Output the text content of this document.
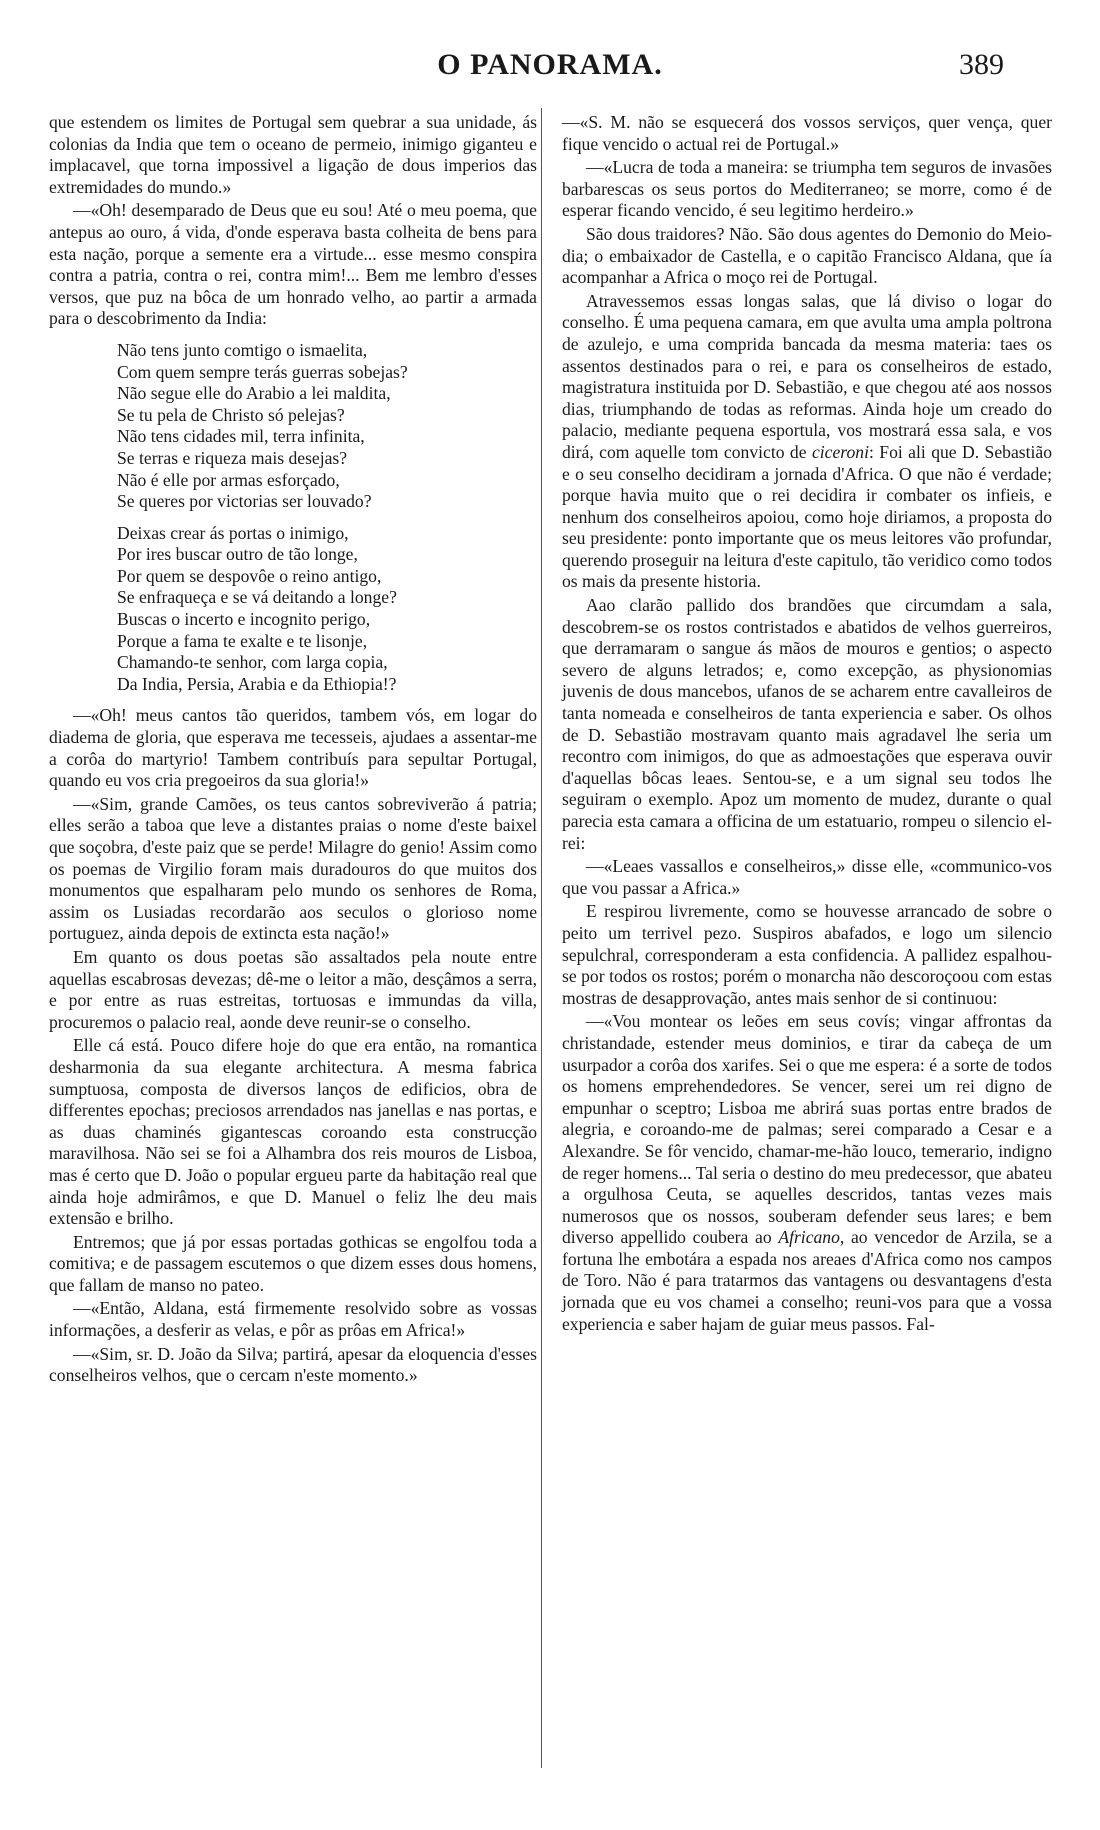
O PANORAMA.	389

que estendem os limites de Portugal sem quebrar a sua unidade, ás colonias da India que tem o oceano de permeio, inimigo giganteu e implacavel, que torna impossivel a ligação de dous imperios das extremidades do mundo.»

—«Oh! desemparado de Deus que eu sou! Até o meu poema, que antepus ao ouro, á vida, d'onde esperava basta colheita de bens para esta nação, porque a semente era a virtude... esse mesmo conspira contra a patria, contra o rei, contra mim!... Bem me lembro d'esses versos, que puz na bôca de um honrado velho, ao partir a armada para o descobrimento da India:

Não tens junto comtigo o ismaelita,
Com quem sempre terás guerras sobejas?
Não segue elle do Arabio a lei maldita,
Se tu pela de Christo só pelejas?
Não tens cidades mil, terra infinita,
Se terras e riqueza mais desejas?
Não é elle por armas esforçado,
Se queres por victorias ser louvado?
Deixas crear ás portas o inimigo,
Por ires buscar outro de tão longe,
Por quem se despovôe o reino antigo,
Se enfraqueça e se vá deitando a longe?
Buscas o incerto e incognito perigo,
Porque a fama te exalte e te lisonje,
Chamando-te senhor, com larga copia,
Da India, Persia, Arabia e da Ethiopia!?

—«Oh! meus cantos tão queridos, tambem vós, em logar do diadema de gloria, que esperava me tecesseis, ajudaes a assentar-me a corôa do martyrio! Tambem contribuís para sepultar Portugal, quando eu vos cria pregoeiros da sua gloria!»

—«Sim, grande Camões, os teus cantos sobreviverão á patria; elles serão a taboa que leve a distantes praias o nome d'este baixel que soçobra, d'este paiz que se perde! Milagre do genio! Assim como os poemas de Virgilio foram mais duradouros do que muitos dos monumentos que espalharam pelo mundo os senhores de Roma, assim os Lusiadas recordarão aos seculos o glorioso nome portuguez, ainda depois de extincta esta nação!»

Em quanto os dous poetas são assaltados pela noute entre aquellas escabrosas devezas; dê-me o leitor a mão, desçâmos a serra, e por entre as ruas estreitas, tortuosas e immundas da villa, procuremos o palacio real, aonde deve reunir-se o conselho.

Elle cá está. Pouco difere hoje do que era então, na romantica desharmonia da sua elegante architectura. A mesma fabrica sumptuosa, composta de diversos lanços de edificios, obra de differentes epochas; preciosos arrendados nas janellas e nas portas, e as duas chaminés gigantescas coroando esta construcção maravilhosa. Não sei se foi a Alhambra dos reis mouros de Lisboa, mas é certo que D. João o popular ergueu parte da habitação real que ainda hoje admirâmos, e que D. Manuel o feliz lhe deu mais extensão e brilho.

Entremos; que já por essas portadas gothicas se engolfou toda a comitiva; e de passagem escutemos o que dizem esses dous homens, que fallam de manso no pateo.

—«Então, Aldana, está firmemente resolvido sobre as vossas informações, a desferir as velas, e pôr as prôas em Africa!»

—«Sim, sr. D. João da Silva; partirá, apesar da eloquencia d'esses conselheiros velhos, que o cercam n'este momento.»

—«S. M. não se esquecerá dos vossos serviços, quer vença, quer fique vencido o actual rei de Portugal.»

—«Lucra de toda a maneira: se triumpha tem seguros de invasões barbarescas os seus portos do Mediterraneo; se morre, como é de esperar ficando vencido, é seu legitimo herdeiro.»

São dous traidores? Não. São dous agentes do Demonio do Meio-dia; o embaixador de Castella, e o capitão Francisco Aldana, que ía acompanhar a Africa o moço rei de Portugal.

Atravessemos essas longas salas, que lá diviso o logar do conselho. É uma pequena camara, em que avulta uma ampla poltrona de azulejo, e uma comprida bancada da mesma materia: taes os assentos destinados para o rei, e para os conselheiros de estado, magistratura instituida por D. Sebastião, e que chegou até aos nossos dias, triumphando de todas as reformas. Ainda hoje um creado do palacio, mediante pequena esportula, vos mostrará essa sala, e vos dirá, com aquelle tom convicto de ciceroni: Foi ali que D. Sebastião e o seu conselho decidiram a jornada d'Africa. O que não é verdade; porque havia muito que o rei decidira ir combater os infieis, e nenhum dos conselheiros apoiou, como hoje diriamos, a proposta do seu presidente: ponto importante que os meus leitores vão profundar, querendo proseguir na leitura d'este capitulo, tão veridico como todos os mais da presente historia.

Aao clarão pallido dos brandões que circumdam a sala, descobrem-se os rostos contristados e abatidos de velhos guerreiros, que derramaram o sangue ás mãos de mouros e gentios; o aspecto severo de alguns letrados; e, como excepção, as physionomias juvenis de dous mancebos, ufanos de se acharem entre cavalleiros de tanta nomeada e conselheiros de tanta experiencia e saber. Os olhos de D. Sebastião mostravam quanto mais agradavel lhe seria um recontro com inimigos, do que as admoestações que esperava ouvir d'aquellas bôcas leaes. Sentou-se, e a um signal seu todos lhe seguiram o exemplo. Apoz um momento de mudez, durante o qual parecia esta camara a officina de um estatuario, rompeu o silencio el-rei:

—«Leaes vassallos e conselheiros,» disse elle, «communico-vos que vou passar a Africa.»

E respirou livremente, como se houvesse arrancado de sobre o peito um terrivel pezo. Suspiros abafados, e logo um silencio sepulchral, corresponderam a esta confidencia. A pallidez espalhou-se por todos os rostos; porém o monarcha não descoroçoou com estas mostras de desapprovação, antes mais senhor de si continuou:

—«Vou montear os leões em seus covís; vingar affrontas da christandade, estender meus dominios, e tirar da cabeça de um usurpador a corôa dos xarifes. Sei o que me espera: é a sorte de todos os homens emprehendedores. Se vencer, serei um rei digno de empunhar o sceptro; Lisboa me abrirá suas portas entre brados de alegria, e coroando-me de palmas; serei comparado a Cesar e a Alexandre. Se fôr vencido, chamar-me-hão louco, temerario, indigno de reger homens... Tal seria o destino do meu predecessor, que abateu a orgulhosa Ceuta, se aquelles descridos, tantas vezes mais numerosos que os nossos, souberam defender seus lares; e bem diverso appellido coubera ao Africano, ao vencedor de Arzila, se a fortuna lhe embotára a espada nos areaes d'Africa como nos campos de Toro. Não é para tratarmos das vantagens ou desvantagens d'esta jornada que eu vos chamei a conselho; reuni-vos para que a vossa experiencia e saber hajam de guiar meus passos. Fal-
